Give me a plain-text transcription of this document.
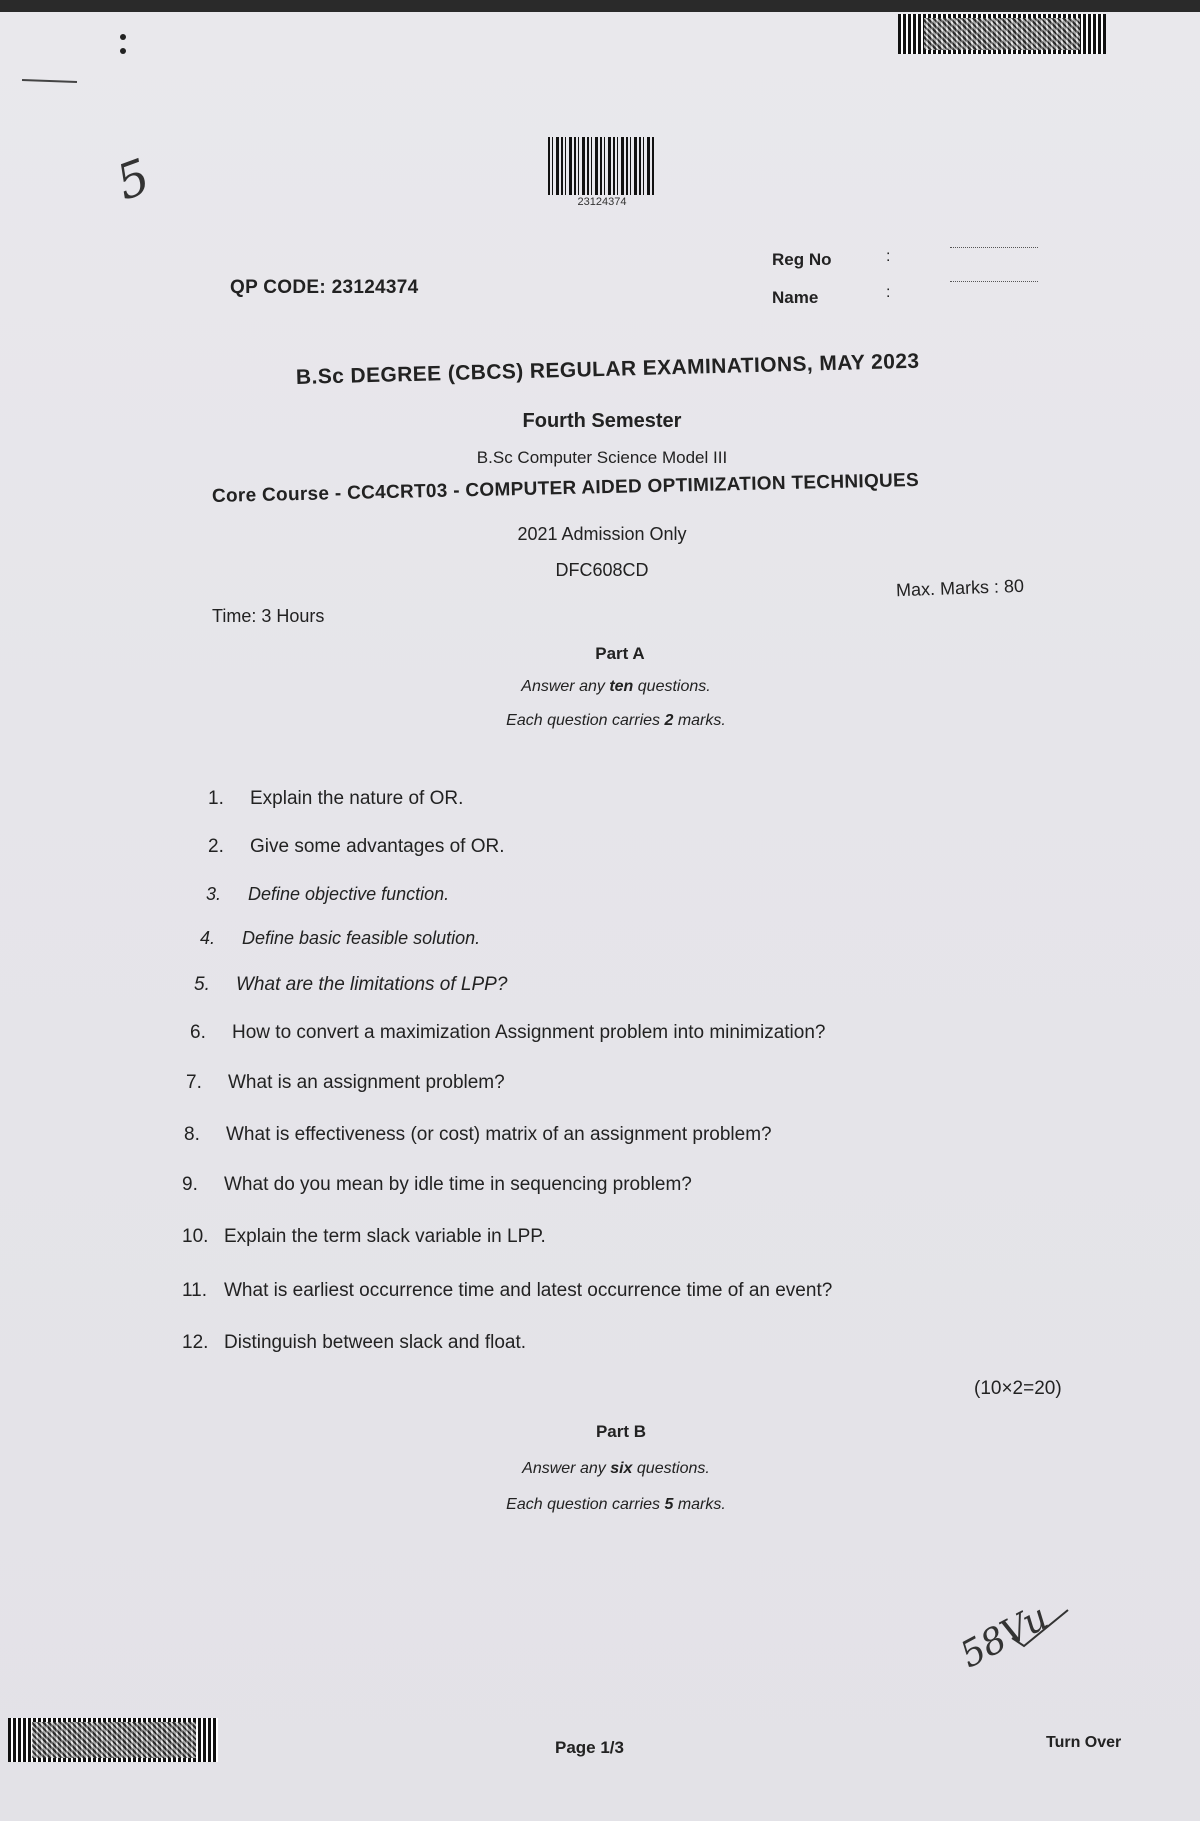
5	23124374
QP CODE: 23124374
Reg No	:
Name	:
B.Sc DEGREE (CBCS) REGULAR EXAMINATIONS, MAY 2023
Fourth Semester
B.Sc Computer Science Model III
Core Course - CC4CRT03 - COMPUTER AIDED OPTIMIZATION TECHNIQUES
2021 Admission Only
DFC608CD
Time: 3 Hours
Max. Marks : 80
Part A
Answer any ten questions.
Each question carries 2 marks.
1. Explain the nature of OR.
2. Give some advantages of OR.
3. Define objective function.
4. Define basic feasible solution.
5. What are the limitations of LPP?
6. How to convert a maximization Assignment problem into minimization?
7. What is an assignment problem?
8. What is effectiveness (or cost) matrix of an assignment problem?
9. What do you mean by idle time in sequencing problem?
10. Explain the term slack variable in LPP.
11. What is earliest occurrence time and latest occurrence time of an event?
12. Distinguish between slack and float.
(10×2=20)
Part B
Answer any six questions.
Each question carries 5 marks.
58Vu
Page 1/3	Turn Over
